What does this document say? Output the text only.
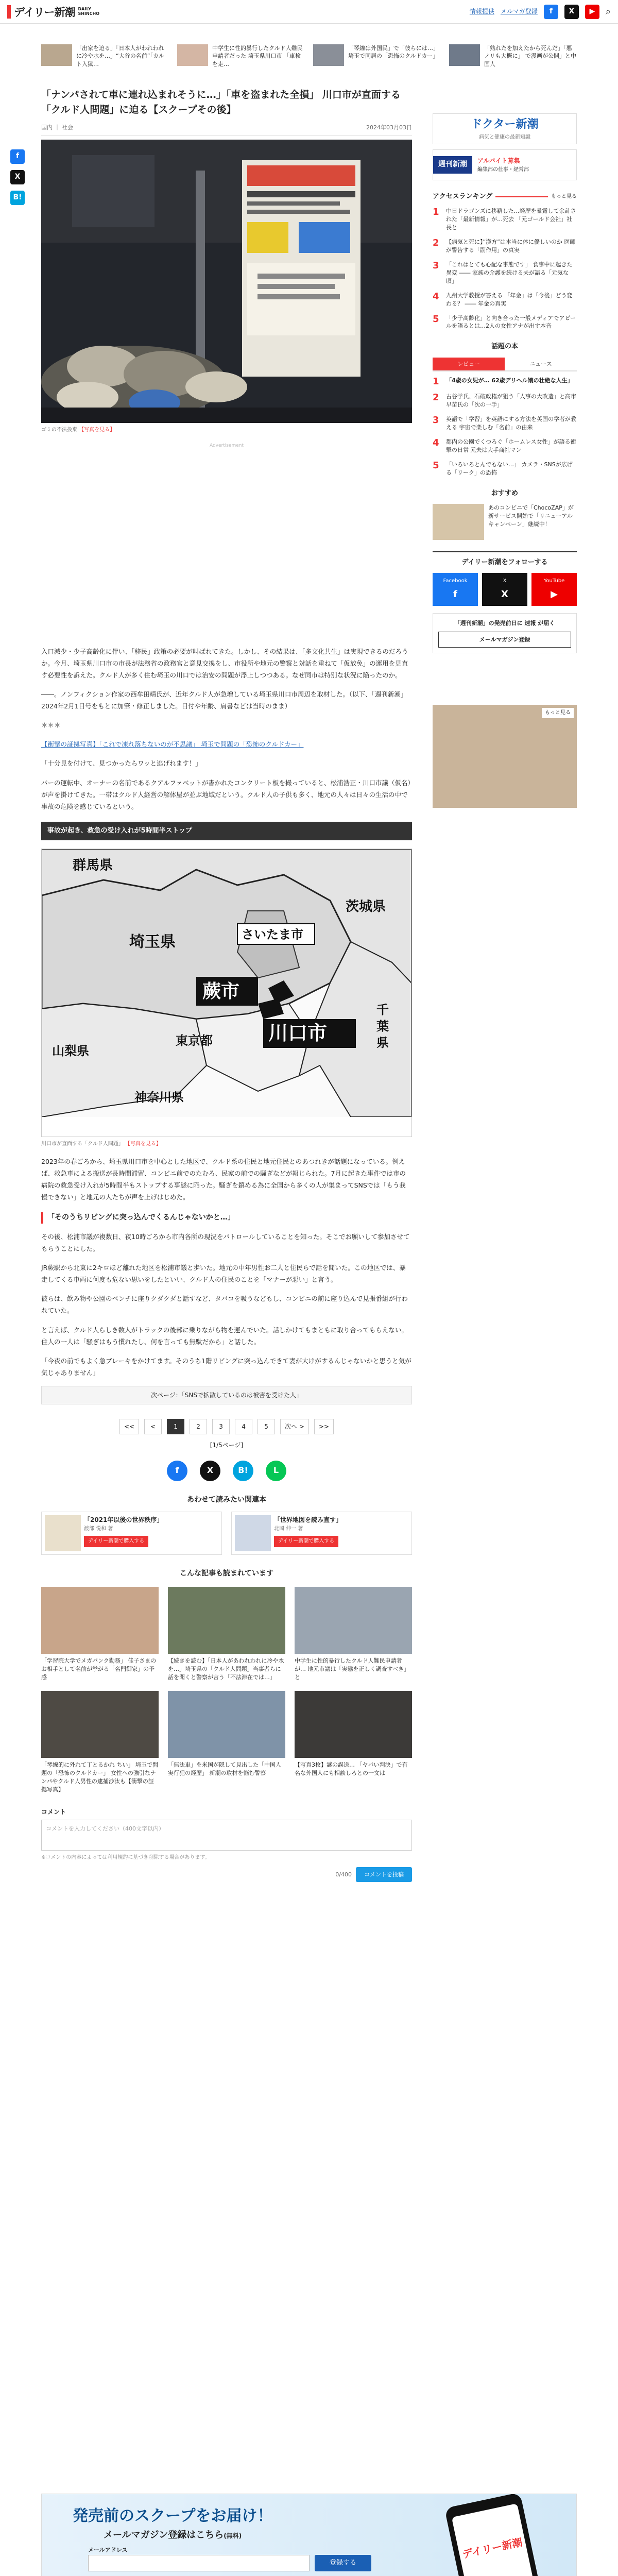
デイリー新潮 DAILY
SHINCHO	情報提供 メルマガ登録	f	X	▶	⌕
「出家を迫る」「日本人がわれわれに冷や水を…」“大谷の名前”「カルト入獄…
中学生に性的暴行したクルド人難民申請者だった 埼玉県川口市 「車検を走…
「琴線は外国民」で「彼らには…」 埼玉で同居の「恐怖のクルドカー」
「熟れたを加えたから死んだ」「悪ノリも大概に」 で漫画が公開」と中国人
f
X
B!
「ナンパされて車に連れ込まれそうに…」「車を盗まれた全損」 川口市が直面する「クルド人問題」に迫る【スクープその後】
国内 ｜ 社会	2024年03月03日
ゴミの不法投棄 【写真を見る】
Advertisement

入口減少・少子高齢化に伴い、「移民」政策の必要が叫ばれてきた。しかし、その結果は、「多文化共生」は実現できるのだろうか。今月、埼玉県川口市の市長が法務省の政務官と意見交換をし、市役所や地元の警察と対話を重ねて「仮放免」の運用を見直す必要性を訴えた。クルド人が多く住む埼玉の川口では治安の問題が浮上しつつある。なぜ同市は特別な状況に陥ったのか。

――。ノンフィクション作家の西牟田靖氏が、近年クルド人が急増している埼玉県川口市周辺を取材した。（以下、「週刊新潮」2024年2月1日号をもとに加筆・修正しました。日付や年齢、肩書などは当時のまま）

＊＊＊

【衝撃の証拠写真】「これで凍れ落ちないのが不思議」 埼玉で問題の「恐怖のクルドカー」

「十分見を付けて、見つかったらワッと逃げれます！」

パーの運転中、オーナーの名前であるクアルファベットが書かれたコンクリート板を撮っていると、松浦浩正・川口市議（仮名）が声を掛けてきた。一帯はクルド人経営の解体屋が並ぶ地域だという。クルド人の子供も多く、地元の人々は日々の生活の中で事故の危険を感じているという。

事故が起き、救急の受け入れが5時間半ストップ
群馬県
埼玉県
茨城県
さいたま市
蕨市
川口市
山梨県
東京都
神奈川県
千
葉
県
川口市が直面する「クルド人問題」 【写真を見る】

2023年の春ごろから、埼玉県川口市を中心とした地区で、クルド系の住民と地元住民とのあつれきが話題になっている。例えば、救急車による搬送が長時間滞留、コンビニ前でのたむろ、民家の前での騒ぎなどが報じられた。7月に起きた事件では市の病院の救急受け入れが5時間半もストップする事態に陥った。騒ぎを鎮める為に全国から多くの人が集まってSNSでは「もう我慢できない」と地元の人たちが声を上げはじめた。

「そのうちリビングに突っ込んでくるんじゃないかと…」

その後、松浦市議が複数日、夜10時ごろから市内各所の現況をパトロールしていることを知った。そこでお願いして参加させてもらうことにした。

JR蕨駅から北東に2キロほど離れた地区を松浦市議と歩いた。地元の中年男性お二人と住民らで話を聞いた。この地区では、暴走してくる車両に何度も危ない思いをしたといい、クルド人の住民のことを「マナーが悪い」と言う。

彼らは、飲み物や公園のベンチに座りクダクダと話すなど、タバコを吸うなどもし、コンビニの前に座り込んで見張番組が行われていた。

と言えば、クルド人らしき数人がトラックの後部に乗りながら物を運んでいた。話しかけてもまともに取り合ってもらえない。住人の一人は「騒ぎはもう慣れたし、何を言っても無駄だから」と話した。

「今夜の前でもよく急ブレーキをかけてます。そのうち1階リビングに突っ込んできて妻が大けがするんじゃないかと思うと気が気じゃありません」

次ページ：「SNSで拡散しているのは被害を受けた人」
<<	<	1	2	3	4	5	次へ >	>>
[1/5ページ]
f	X	B!	L
あわせて読みたい関連本
「2021年以後の世界秩序」
渡部 悦和 著
デイリー新潮で購入する
「世界地図を読み直す」
北岡 伸一 著
デイリー新潮で購入する
こんな記事も読まれています
「学習院大学でメガバンク勤務」 佳子さまのお相手として名前が挙がる「名門御家」の予感
【続きを読む】「日本人があわれわれに冷や水を…」埼玉県の「クルド人問題」当事者らに話を聞くと警察が言う「不法滞在では…」
中学生に性的暴行したクルド人難民申請者が… 地元市議は「実態を正しく調査すべき」と
「琴線的に外れて丁とるかれ ちい」 埼玉で問題の「恐怖のクルドカー」 女性への強引なナンパやクルド人男性の逮捕沙汰も【衝撃の証拠写真】
「無法車」を米国が隠して見出した「中国人実行犯の経歴」 新潮の取材を悩む警察
【写真3枚】謎の誤送… 「ヤバい判決」で有名な外国人にも相談しろとの一文は
コメント
コメントを入力してください（400文字以内）
※コメントの内容によっては利用規約に基づき削除する場合があります。
0/400	コメントを投稿
ドクター新潮
病気と健康の最新知識
週刊新潮	アルバイト募集
編集部の仕事・経営部
アクセスランキング	もっと見る
1	中日ドラゴンズに移籍した…経歴を暴露して余計された「最新情報」が…死去 「元ゴールド会社」社長と
2	【病気と死に】”漢方”は本当に体に優しいのか 医師が警告する「副作用」の真実
3	「これはとても心配な事態です」 食事中に起きた異変 ―― 家族の介護を続ける夫が語る「元気な頃」
4	九州大学教授が答える 「年金」は「今後」どう変わる？ ―― 年金の真実
5	「少子高齢化」と向き合った一般メディアでアピールを語るとは…2人の女性アナが出す本音
話題の本
レビュー	ニュース
1	「4歳の女児が… 62歳デリヘル嬢の壮絶な人生」
2	古谷学氏、石破政権が狙う「人事の大改造」と高市早苗氏の「次の一手」
3	英語で「学習」を英語にする方法を英国の学者が教える 宇宙で楽しむ「名前」の由来
4	都内の公園でくつろぐ「ホームレス女性」が語る衝撃の日常 元夫は大手商社マン
5	「いろいろとんでもない…」 カメラ・SNSが広げる「リーク」の恐怖
おすすめ
あのコンビニで「ChocoZAP」が新サービス開始で「リニューアルキャンペーン」継続中！
デイリー新潮をフォローする
Facebook
f
X
X
YouTube
▶
「週刊新潮」の発売前日に 速報 が届く
メールマガジン登録
もっと見る
発売前のスクープをお届け！
メールマガジン登録はこちら(無料)
メールアドレス
登録する
デイリー新潮
